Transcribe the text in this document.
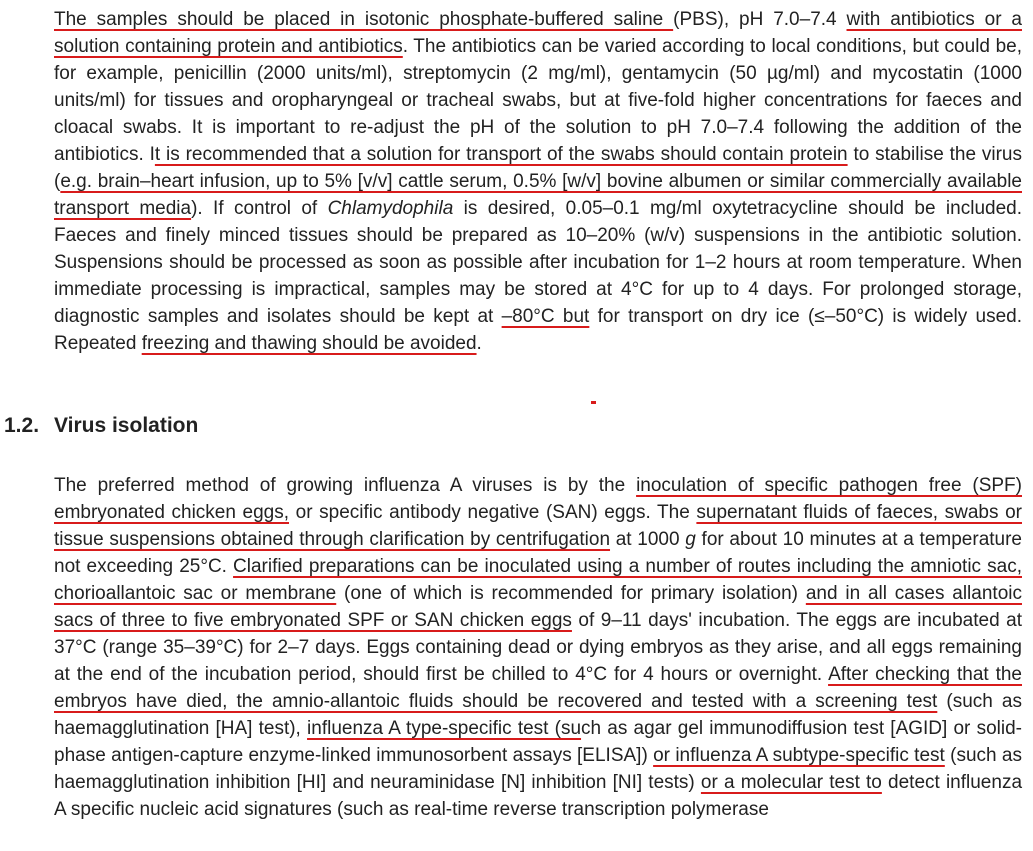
The samples should be placed in isotonic phosphate-buffered saline (PBS), pH 7.0–7.4 with antibiotics or a solution containing protein and antibiotics. The antibiotics can be varied according to local conditions, but could be, for example, penicillin (2000 units/ml), streptomycin (2 mg/ml), gentamycin (50 µg/ml) and mycostatin (1000 units/ml) for tissues and oropharyngeal or tracheal swabs, but at five-fold higher concentrations for faeces and cloacal swabs. It is important to re-adjust the pH of the solution to pH 7.0–7.4 following the addition of the antibiotics. It is recommended that a solution for transport of the swabs should contain protein to stabilise the virus (e.g. brain–heart infusion, up to 5% [v/v] cattle serum, 0.5% [w/v] bovine albumen or similar commercially available transport media). If control of Chlamydophila is desired, 0.05–0.1 mg/ml oxytetracycline should be included. Faeces and finely minced tissues should be prepared as 10–20% (w/v) suspensions in the antibiotic solution. Suspensions should be processed as soon as possible after incubation for 1–2 hours at room temperature. When immediate processing is impractical, samples may be stored at 4°C for up to 4 days. For prolonged storage, diagnostic samples and isolates should be kept at –80°C but for transport on dry ice (≤–50°C) is widely used. Repeated freezing and thawing should be avoided.

1.2. Virus isolation

The preferred method of growing influenza A viruses is by the inoculation of specific pathogen free (SPF) embryonated chicken eggs, or specific antibody negative (SAN) eggs. The supernatant fluids of faeces, swabs or tissue suspensions obtained through clarification by centrifugation at 1000 g for about 10 minutes at a temperature not exceeding 25°C. Clarified preparations can be inoculated using a number of routes including the amniotic sac, chorioallantoic sac or membrane (one of which is recommended for primary isolation) and in all cases allantoic sacs of three to five embryonated SPF or SAN chicken eggs of 9–11 days' incubation. The eggs are incubated at 37°C (range 35–39°C) for 2–7 days. Eggs containing dead or dying embryos as they arise, and all eggs remaining at the end of the incubation period, should first be chilled to 4°C for 4 hours or overnight. After checking that the embryos have died, the amnio-allantoic fluids should be recovered and tested with a screening test (such as haemagglutination [HA] test), influenza A type-specific test (such as agar gel immunodiffusion test [AGID] or solid-phase antigen-capture enzyme-linked immunosorbent assays [ELISA]) or influenza A subtype-specific test (such as haemagglutination inhibition [HI] and neuraminidase [N] inhibition [NI] tests) or a molecular test to detect influenza A specific nucleic acid signatures (such as real-time reverse transcription polymerase
